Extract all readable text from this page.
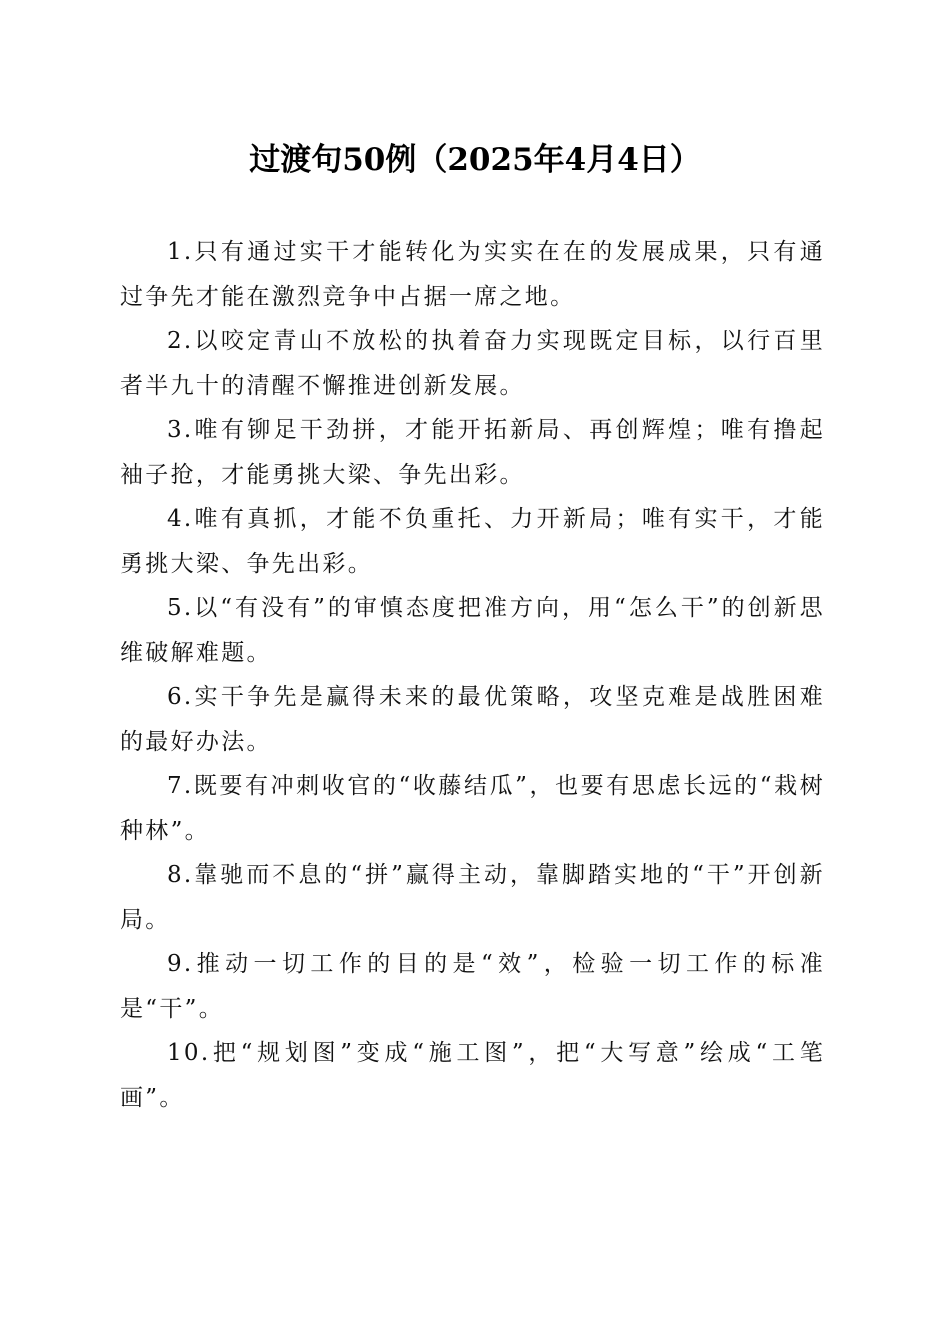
过渡句50例（2025年4月4日）

1.只有通过实干才能转化为实实在在的发展成果，只有通过争先才能在激烈竞争中占据一席之地。

2.以咬定青山不放松的执着奋力实现既定目标，以行百里者半九十的清醒不懈推进创新发展。

3.唯有铆足干劲拼，才能开拓新局、再创辉煌；唯有撸起袖子抢，才能勇挑大梁、争先出彩。

4.唯有真抓，才能不负重托、力开新局；唯有实干，才能勇挑大梁、争先出彩。

5.以“有没有”的审慎态度把准方向，用“怎么干”的创新思维破解难题。

6.实干争先是赢得未来的最优策略，攻坚克难是战胜困难的最好办法。

7.既要有冲刺收官的“收藤结瓜”，也要有思虑长远的“栽树种林”。

8.靠驰而不息的“拼”赢得主动，靠脚踏实地的“干”开创新局。

9.推动一切工作的目的是“效”，检验一切工作的标准是“干”。

10.把“规划图”变成“施工图”，把“大写意”绘成“工笔画”。
